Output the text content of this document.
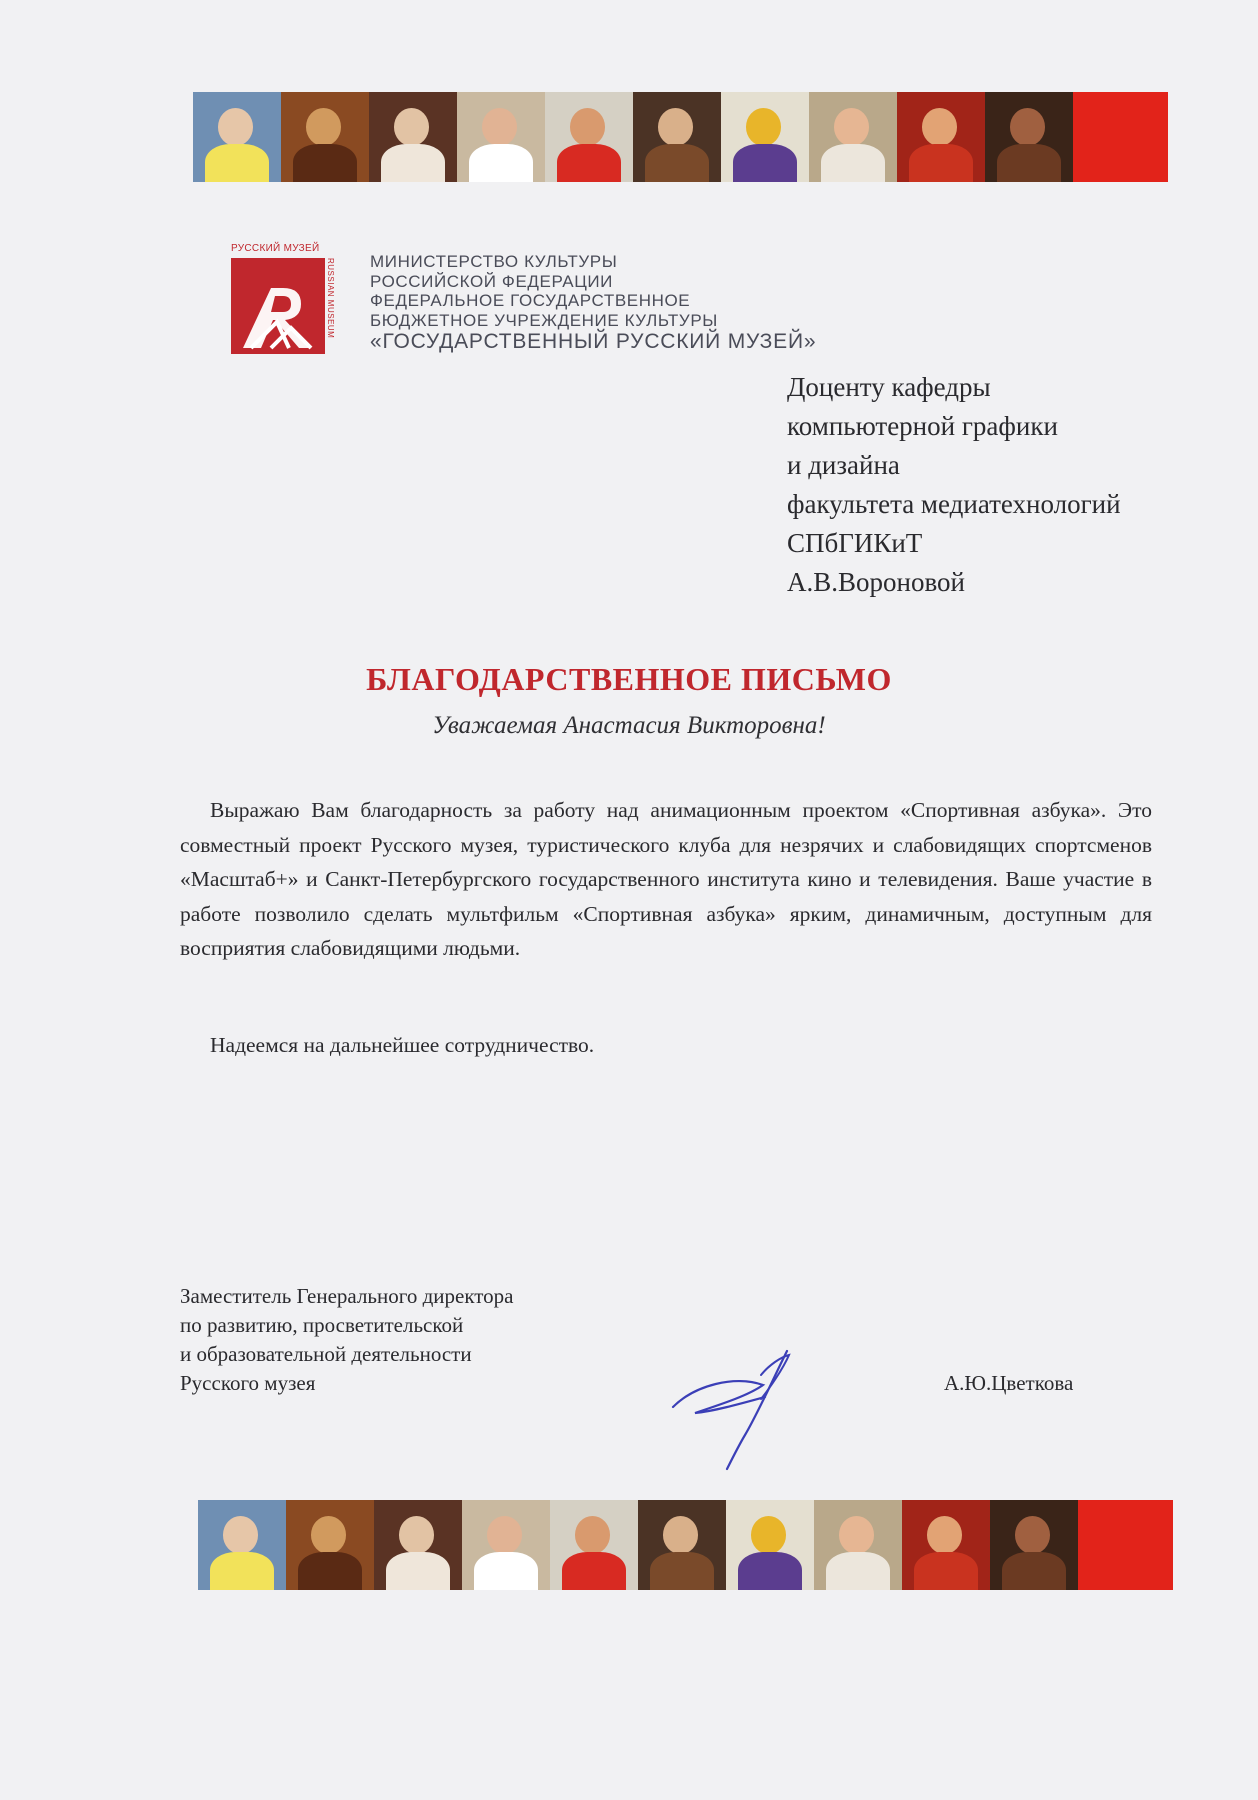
РУССКИЙ МУЗЕЙ
RUSSIAN MUSEUM МИНИСТЕРСТВО КУЛЬТУРЫ
РОССИЙСКОЙ ФЕДЕРАЦИИ
ФЕДЕРАЛЬНОЕ ГОСУДАРСТВЕННОЕ
БЮДЖЕТНОЕ УЧРЕЖДЕНИЕ КУЛЬТУРЫ
«ГОСУДАРСТВЕННЫЙ РУССКИЙ МУЗЕЙ»
Доценту кафедры
компьютерной графики
и дизайна
факультета медиатехнологий
СПбГИКиТ
А.В.Вороновой
БЛАГОДАРСТВЕННОЕ ПИСЬМО
Уважаемая Анастасия Викторовна!
Выражаю Вам благодарность за работу над анимационным проектом «Спортивная азбука». Это совместный проект Русского музея, туристического клуба для незрячих и слабовидящих спортсменов «Масштаб+» и Санкт-Петербургского государственного института кино и телевидения. Ваше участие в работе позволило сделать мультфильм «Спортивная азбука» ярким, динамичным, доступным для восприятия слабовидящими людьми.
Надеемся на дальнейшее сотрудничество.
Заместитель Генерального директора
по развитию, просветительской
и образовательной деятельности
Русского музея	А.Ю.Цветкова
